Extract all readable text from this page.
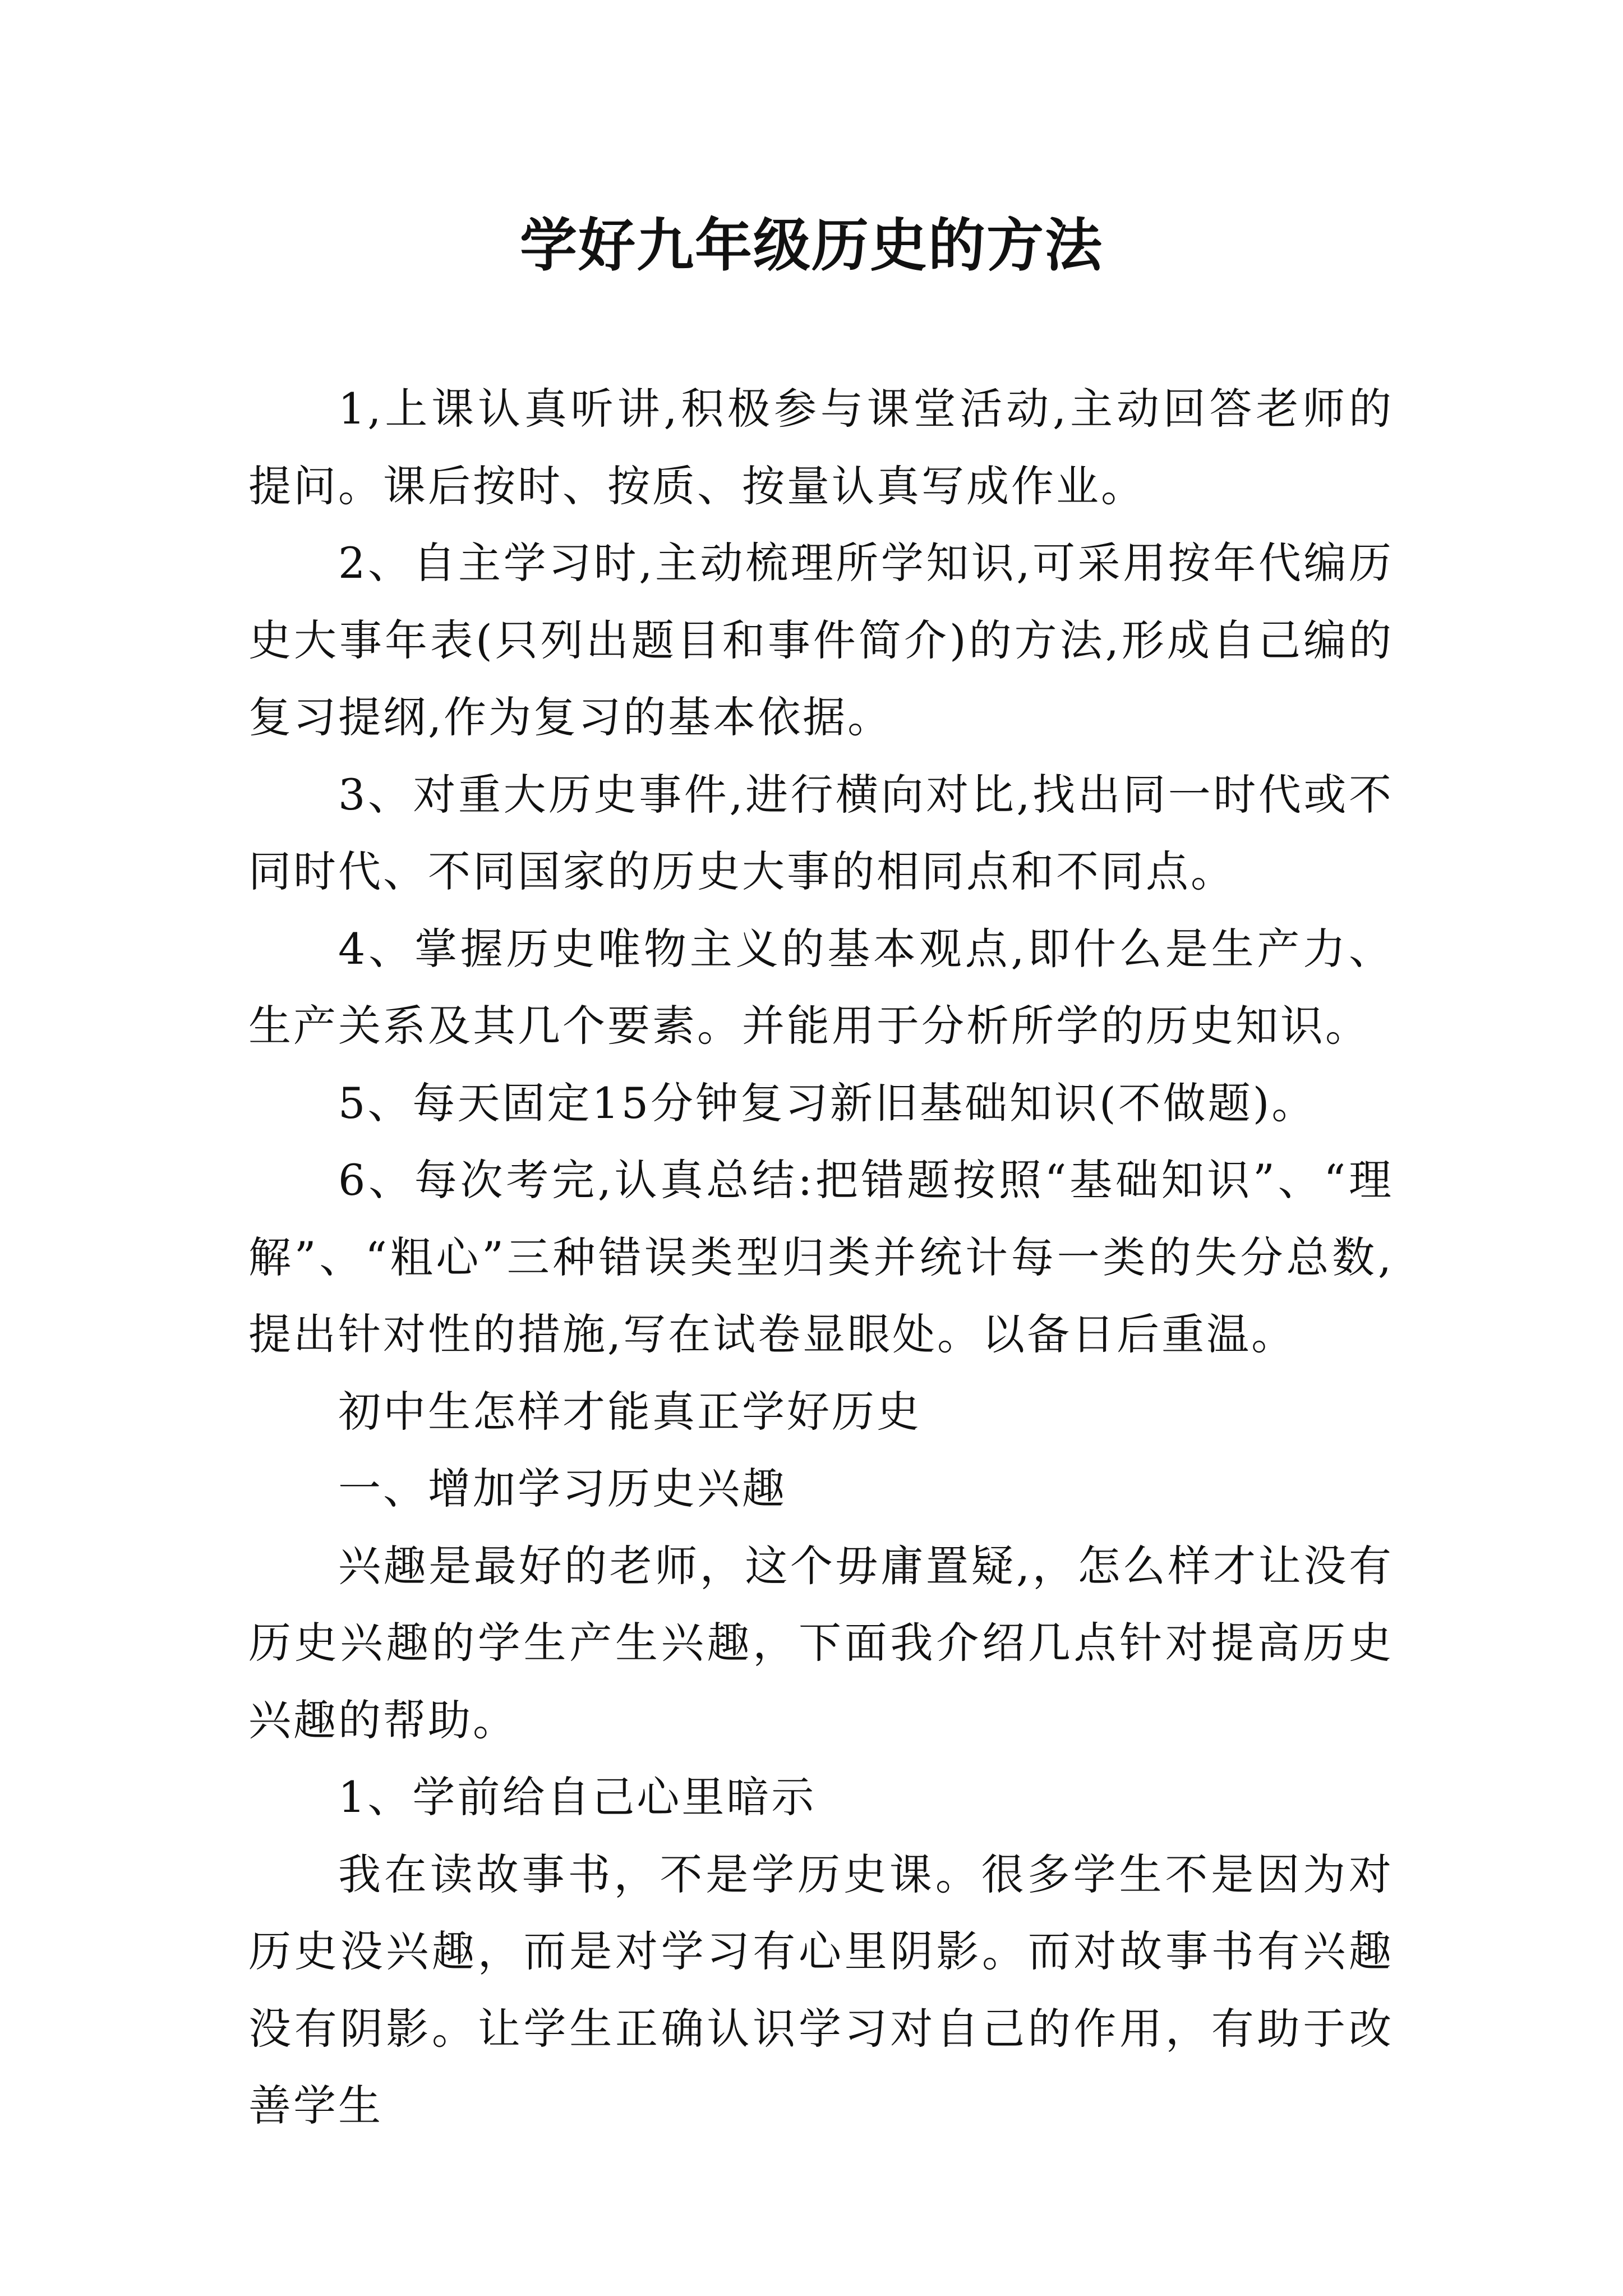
学好九年级历史的方法

1,上课认真听讲,积极参与课堂活动,主动回答老师的提问。课后按时、按质、按量认真写成作业。

2、自主学习时,主动梳理所学知识,可采用按年代编历史大事年表(只列出题目和事件简介)的方法,形成自己编的复习提纲,作为复习的基本依据。

3、对重大历史事件,进行横向对比,找出同一时代或不同时代、不同国家的历史大事的相同点和不同点。

4、掌握历史唯物主义的基本观点,即什么是生产力、生产关系及其几个要素。并能用于分析所学的历史知识。

5、每天固定15分钟复习新旧基础知识(不做题)。

6、每次考完,认真总结:把错题按照“基础知识”、“理解”、“粗心”三种错误类型归类并统计每一类的失分总数,提出针对性的措施,写在试卷显眼处。以备日后重温。

初中生怎样才能真正学好历史

一、增加学习历史兴趣

兴趣是最好的老师，这个毋庸置疑,，怎么样才让没有历史兴趣的学生产生兴趣，下面我介绍几点针对提高历史兴趣的帮助。

1、学前给自己心里暗示

我在读故事书，不是学历史课。很多学生不是因为对历史没兴趣，而是对学习有心里阴影。而对故事书有兴趣没有阴影。让学生正确认识学习对自己的作用，有助于改善学生
